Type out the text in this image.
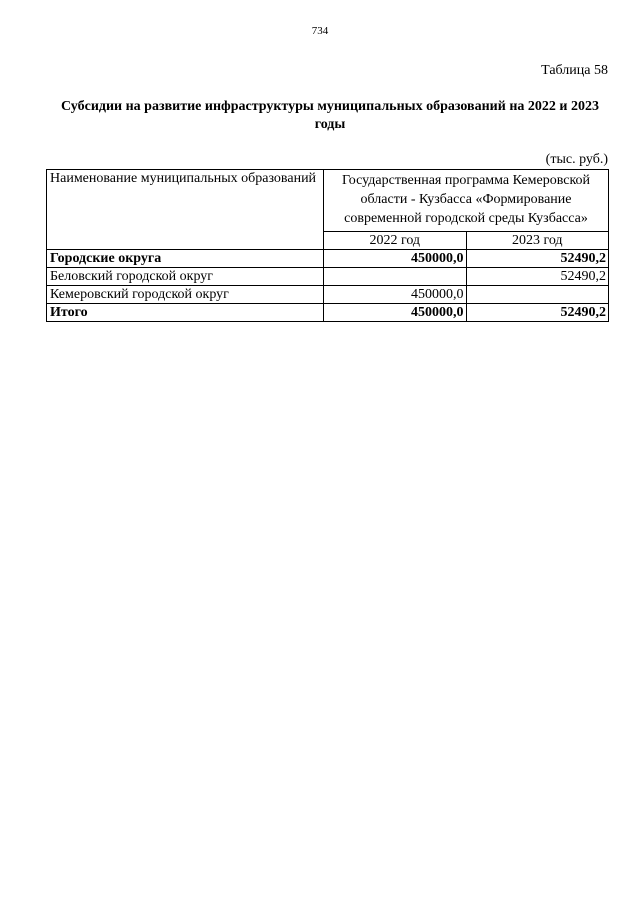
734
Таблица 58
Субсидии на развитие инфраструктуры муниципальных образований на 2022 и 2023 годы
(тыс. руб.)
Наименование муниципальных образований	Государственная программа Кемеровской области - Кузбасса «Формирование современной городской среды Кузбасса»	
	2022 год	2023 год
Городские округа	450000,0	52490,2
Беловский городской округ		52490,2
Кемеровский городской округ	450000,0	
Итого	450000,0	52490,2
